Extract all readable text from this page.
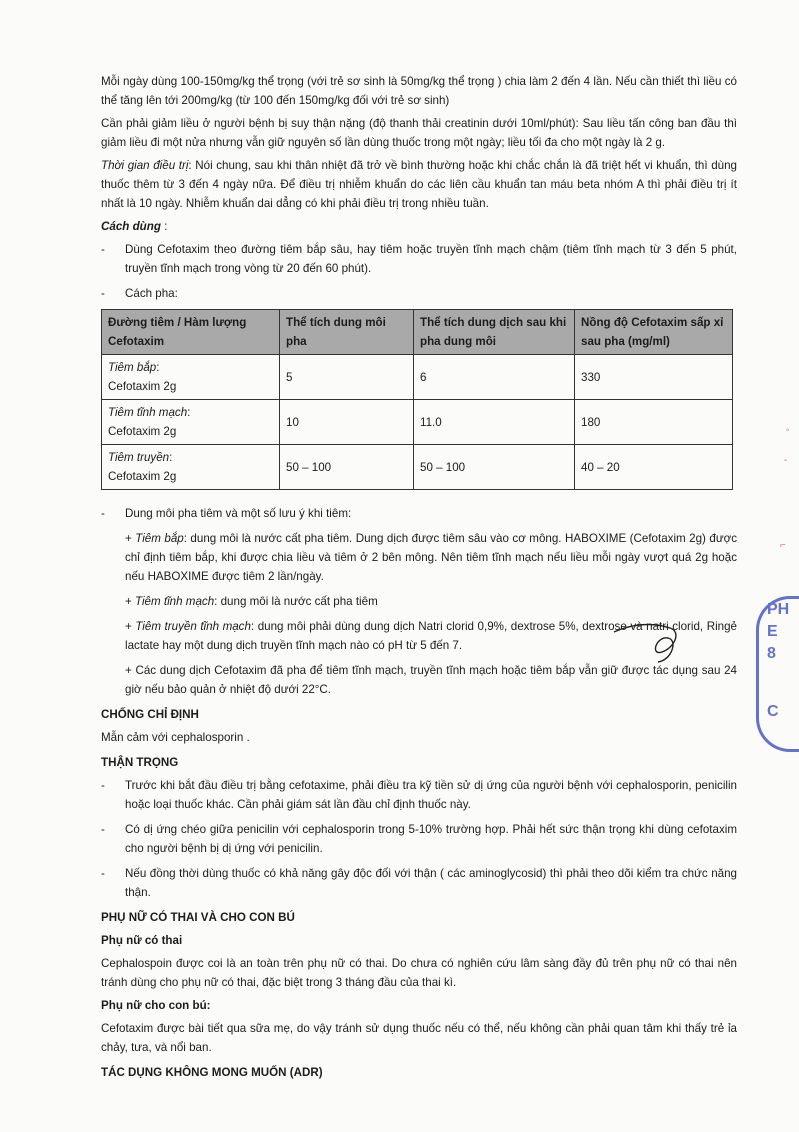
Mỗi ngày dùng 100-150mg/kg thể trọng (với trẻ sơ sinh là 50mg/kg thể trọng ) chia làm 2 đến 4 lần. Nếu cần thiết thì liều có thể tăng lên tới 200mg/kg (từ 100 đến 150mg/kg đối với trẻ sơ sinh)

Cần phải giảm liều ở người bệnh bị suy thận nặng (độ thanh thải creatinin dưới 10ml/phút): Sau liều tấn công ban đầu thì giảm liều đi một nửa nhưng vẫn giữ nguyên số lần dùng thuốc trong một ngày; liều tối đa cho một ngày là 2 g.

Thời gian điều trị: Nói chung, sau khi thân nhiệt đã trở về bình thường hoặc khi chắc chắn là đã triệt hết vi khuẩn, thì dùng thuốc thêm từ 3 đến 4 ngày nữa. Để điều trị nhiễm khuẩn do các liên cầu khuẩn tan máu beta nhóm A thì phải điều trị ít nhất là 10 ngày. Nhiễm khuẩn dai dẳng có khi phải điều trị trong nhiều tuần.

Cách dùng :

- Dùng Cefotaxim theo đường tiêm bắp sâu, hay tiêm hoặc truyền tĩnh mạch chậm (tiêm tĩnh mạch từ 3 đến 5 phút, truyền tĩnh mạch trong vòng từ 20 đến 60 phút).
- Cách pha:
Đường tiêm / Hàm lượng Cefotaxim	Thể tích dung môi pha	Thể tích dung dịch sau khi pha dung môi	Nồng độ Cefotaxim sấp xỉ sau pha (mg/ml)
Tiêm bắp:
Cefotaxim 2g	5	6	330
Tiêm tĩnh mạch:
Cefotaxim 2g	10	11.0	180
Tiêm truyền:
Cefotaxim 2g	50 – 100	50 – 100	40 – 20
- Dung môi pha tiêm và một số lưu ý khi tiêm:
+ Tiêm bắp: dung môi là nước cất pha tiêm. Dung dịch được tiêm sâu vào cơ mông. HABOXIME (Cefotaxim 2g) được chỉ định tiêm bắp, khi được chia liều và tiêm ở 2 bên mông. Nên tiêm tĩnh mạch nếu liều mỗi ngày vượt quá 2g hoặc nếu HABOXIME được tiêm 2 lần/ngày.
+ Tiêm tĩnh mạch: dung môi là nước cất pha tiêm
+ Tiêm truyền tĩnh mạch: dung môi phải dùng dung dịch Natri clorid 0,9%, dextrose 5%, dextrose và natri clorid, Ringẻ lactate hay một dung dịch truyền tĩnh mạch nào có pH từ 5 đến 7.
+ Các dung dịch Cefotaxim đã pha để tiêm tĩnh mạch, truyền tĩnh mạch hoặc tiêm bắp vẫn giữ được tác dụng sau 24 giờ nếu bảo quản ở nhiệt độ dưới 22°C.

CHỐNG CHỈ ĐỊNH

Mẫn cảm với cephalosporin .

THẬN TRỌNG

- Trước khi bắt đầu điều trị bằng cefotaxime, phải điều tra kỹ tiền sử dị ứng của người bệnh với cephalosporin, penicilin hoặc loại thuốc khác. Cần phải giám sát lần đầu chỉ định thuốc này.
- Có dị ứng chéo giữa penicilin với cephalosporin trong 5-10% trường hợp. Phải hết sức thận trọng khi dùng cefotaxim cho người bệnh bị dị ứng với penicilin.
- Nếu đồng thời dùng thuốc có khả năng gây độc đối với thận ( các aminoglycosid) thì phải theo dõi kiểm tra chức năng thận.

PHỤ NỮ CÓ THAI VÀ CHO CON BÚ

Phụ nữ có thai

Cephalospoin được coi là an toàn trên phụ nữ có thai. Do chưa có nghiên cứu lâm sàng đầy đủ trên phụ nữ có thai nên tránh dùng cho phụ nữ có thai, đặc biệt trong 3 tháng đầu của thai kì.

Phụ nữ cho con bú:

Cefotaxim được bài tiết qua sữa mẹ, do vậy tránh sử dụng thuốc nếu có thể, nếu không cần phải quan tâm khi thấy trẻ ỉa chảy, tưa, và nổi ban.

TÁC DỤNG KHÔNG MONG MUỐN (ADR)

PH
E
8
C
◦
‑
⌐
